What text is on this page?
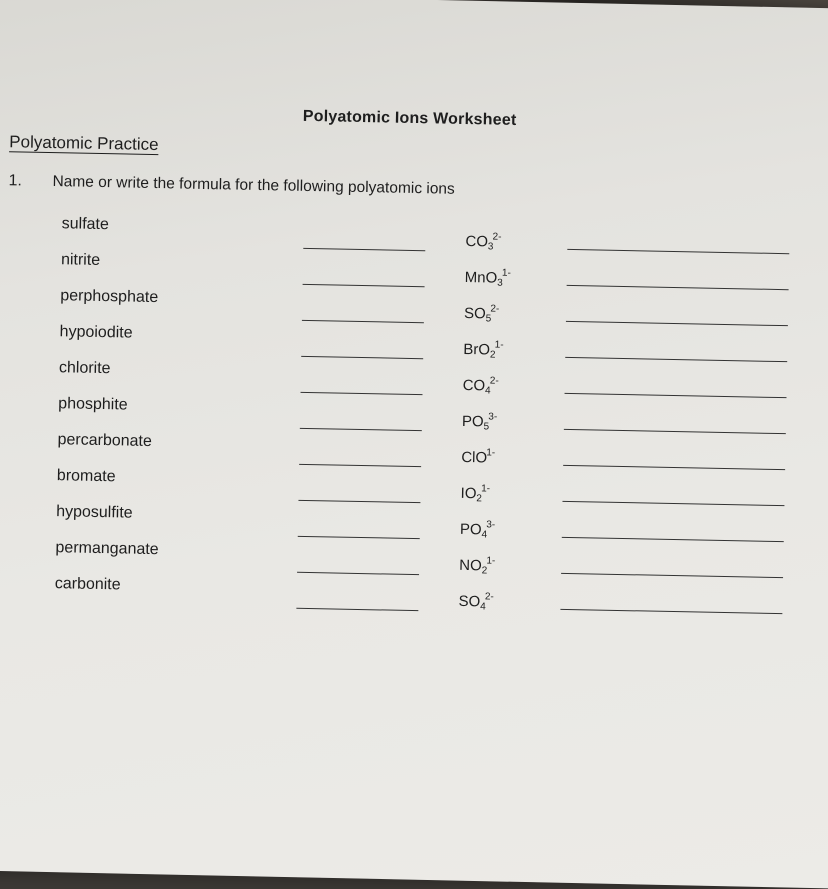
Polyatomic Ions Worksheet
Polyatomic Practice
1. Name or write the formula for the following polyatomic ions
sulfate
$CO_3^{2-}$
nitrite
MnO$_3^{1-}$
perphosphate
$SO_5^{2-}$
hypoiodite
BrO$_2^{1-}$
chlorite
$CO_4^{2-}$
phosphite
$PO_5^{3-}$
percarbonate
ClO$^{1-}$
bromate
$IO_2^{1-}$
hyposulfite
$PO_4^{3-}$
permanganate
$NO_2^{1-}$
carbonite
$SO_4^{2-}$
